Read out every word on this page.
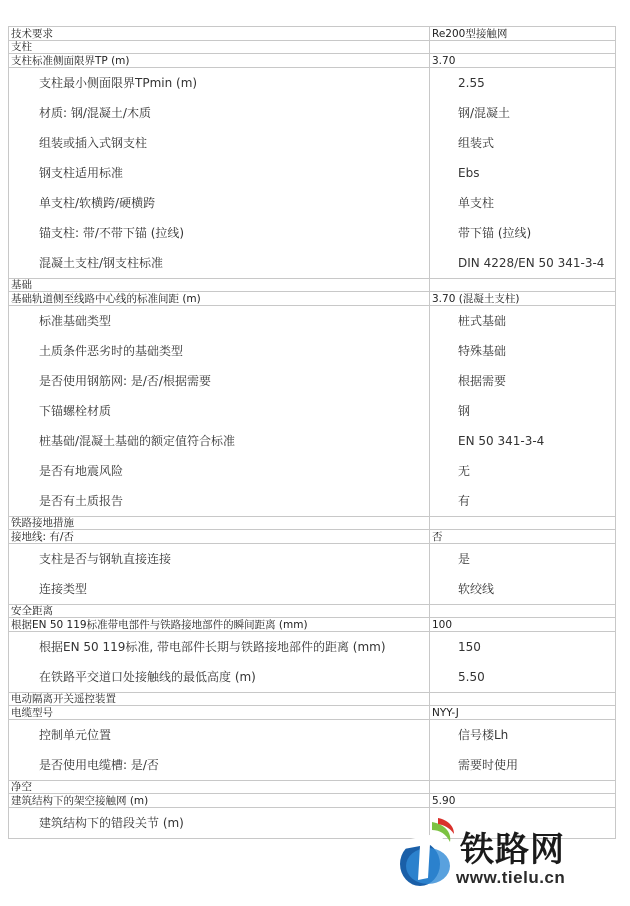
技术要求	Re200型接触网
支柱	
支柱标准侧面限界TP (m)	3.70
支柱最小侧面限界TPmin (m)	2.55
材质: 钢/混凝土/木质	钢/混凝土
组装或插入式钢支柱	组装式
钢支柱适用标准	Ebs
单支柱/软横跨/硬横跨	单支柱
锚支柱: 带/不带下锚 (拉线)	带下锚 (拉线)
混凝土支柱/钢支柱标准	DIN 4228/EN 50 341-3-4
基础	
基础轨道侧至线路中心线的标准间距 (m)	3.70 (混凝土支柱)
标准基础类型	桩式基础
土质条件恶劣时的基础类型	特殊基础
是否使用钢筋网: 是/否/根据需要	根据需要
下锚螺栓材质	钢
桩基础/混凝土基础的额定值符合标准	EN 50 341-3-4
是否有地震风险	无
是否有土质报告	有
铁路接地措施	
接地线: 有/否	否
支柱是否与钢轨直接连接	是
连接类型	软绞线
安全距离	
根据EN 50 119标准带电部件与铁路接地部件的瞬间距离 (mm)	100
根据EN 50 119标准, 带电部件长期与铁路接地部件的距离 (mm)	150
在铁路平交道口处接触线的最低高度 (m)	5.50
电动隔离开关遥控装置	
电缆型号	NYY-J
控制单元位置	信号楼Lh
是否使用电缆槽: 是/否	需要时使用
净空	
建筑结构下的架空接触网 (m)	5.90
建筑结构下的错段关节 (m)	
铁路网
www.tielu.cn
